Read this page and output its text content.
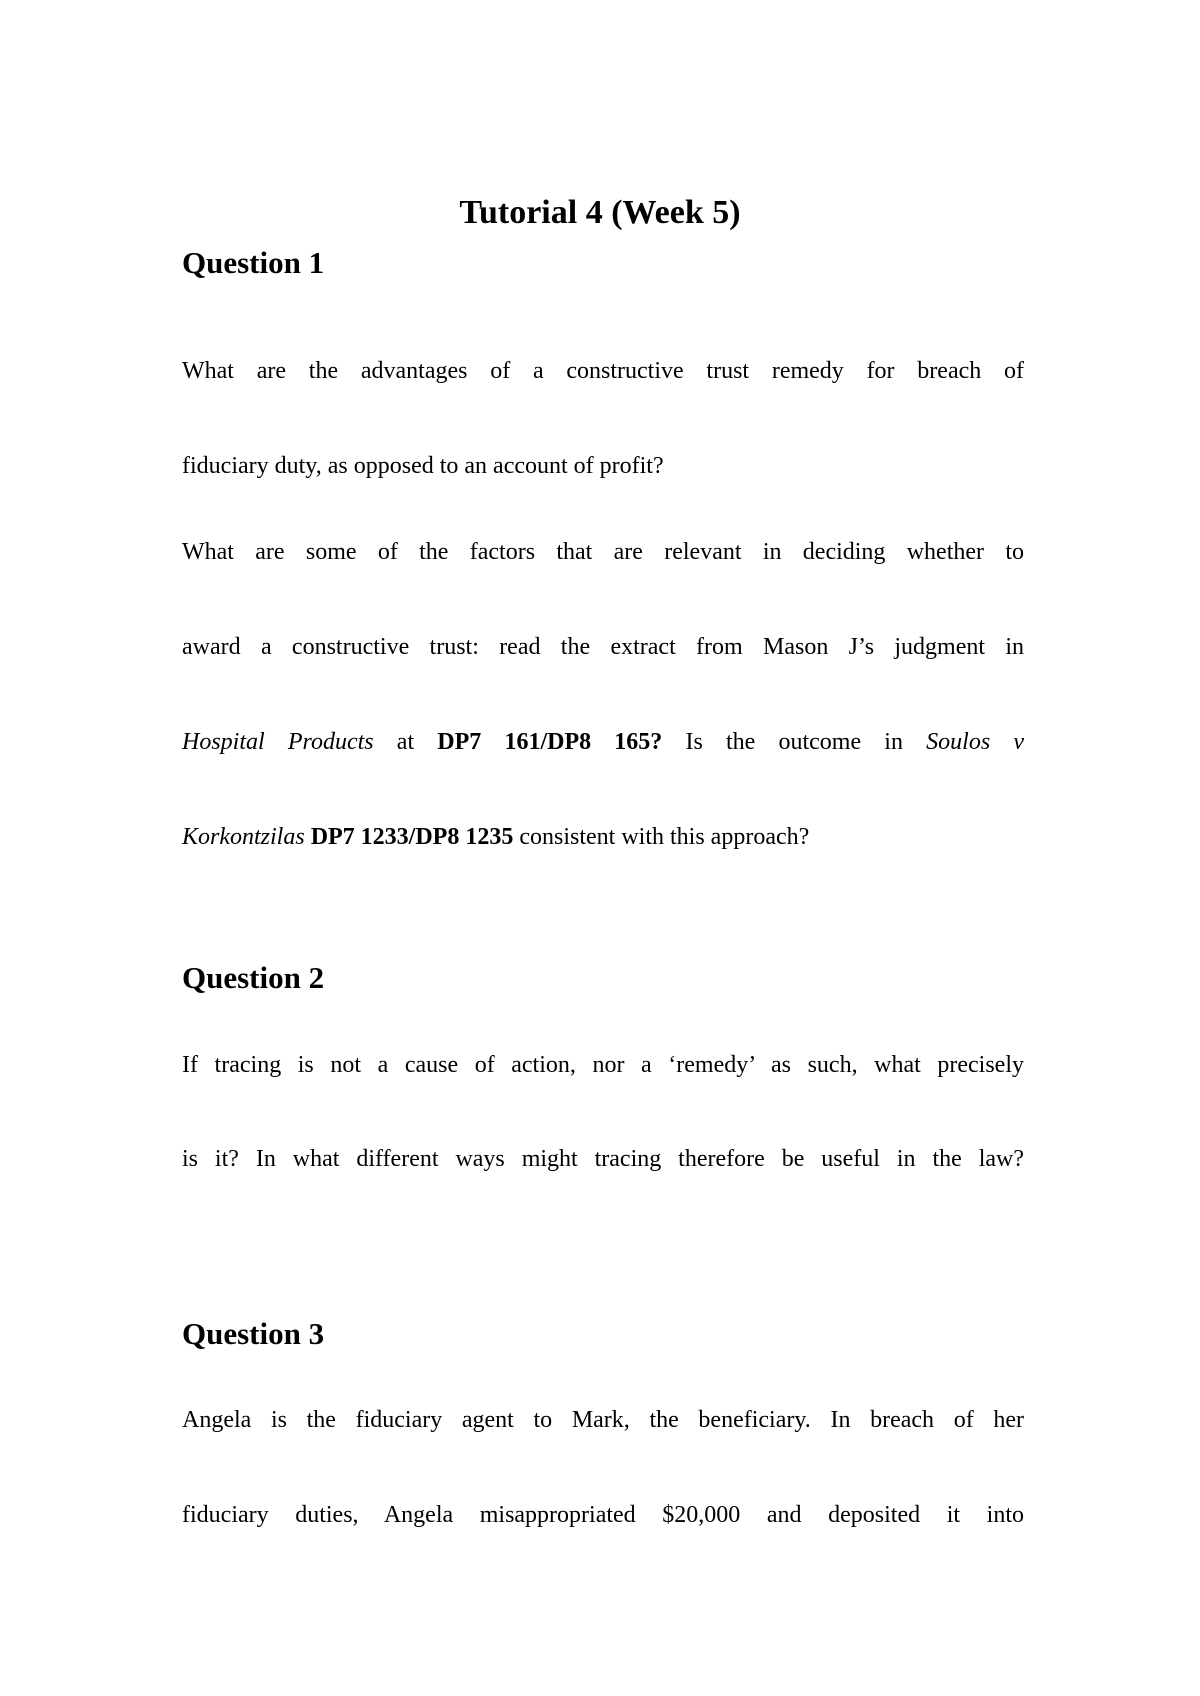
Tutorial 4 (Week 5)
Question 1

What are the advantages of a constructive trust remedy for breach of

fiduciary duty, as opposed to an account of profit?

What are some of the factors that are relevant in deciding whether to

award a constructive trust: read the extract from Mason J’s judgment in

Hospital Products at DP7 161/DP8 165? Is the outcome in Soulos v

Korkontzilas DP7 1233/DP8 1235 consistent with this approach?

Question 2

If tracing is not a cause of action, nor a ‘remedy’ as such, what precisely

is it? In what different ways might tracing therefore be useful in the law?

Question 3

Angela is the fiduciary agent to Mark, the beneficiary. In breach of her

fiduciary duties, Angela misappropriated $20,000 and deposited it into
